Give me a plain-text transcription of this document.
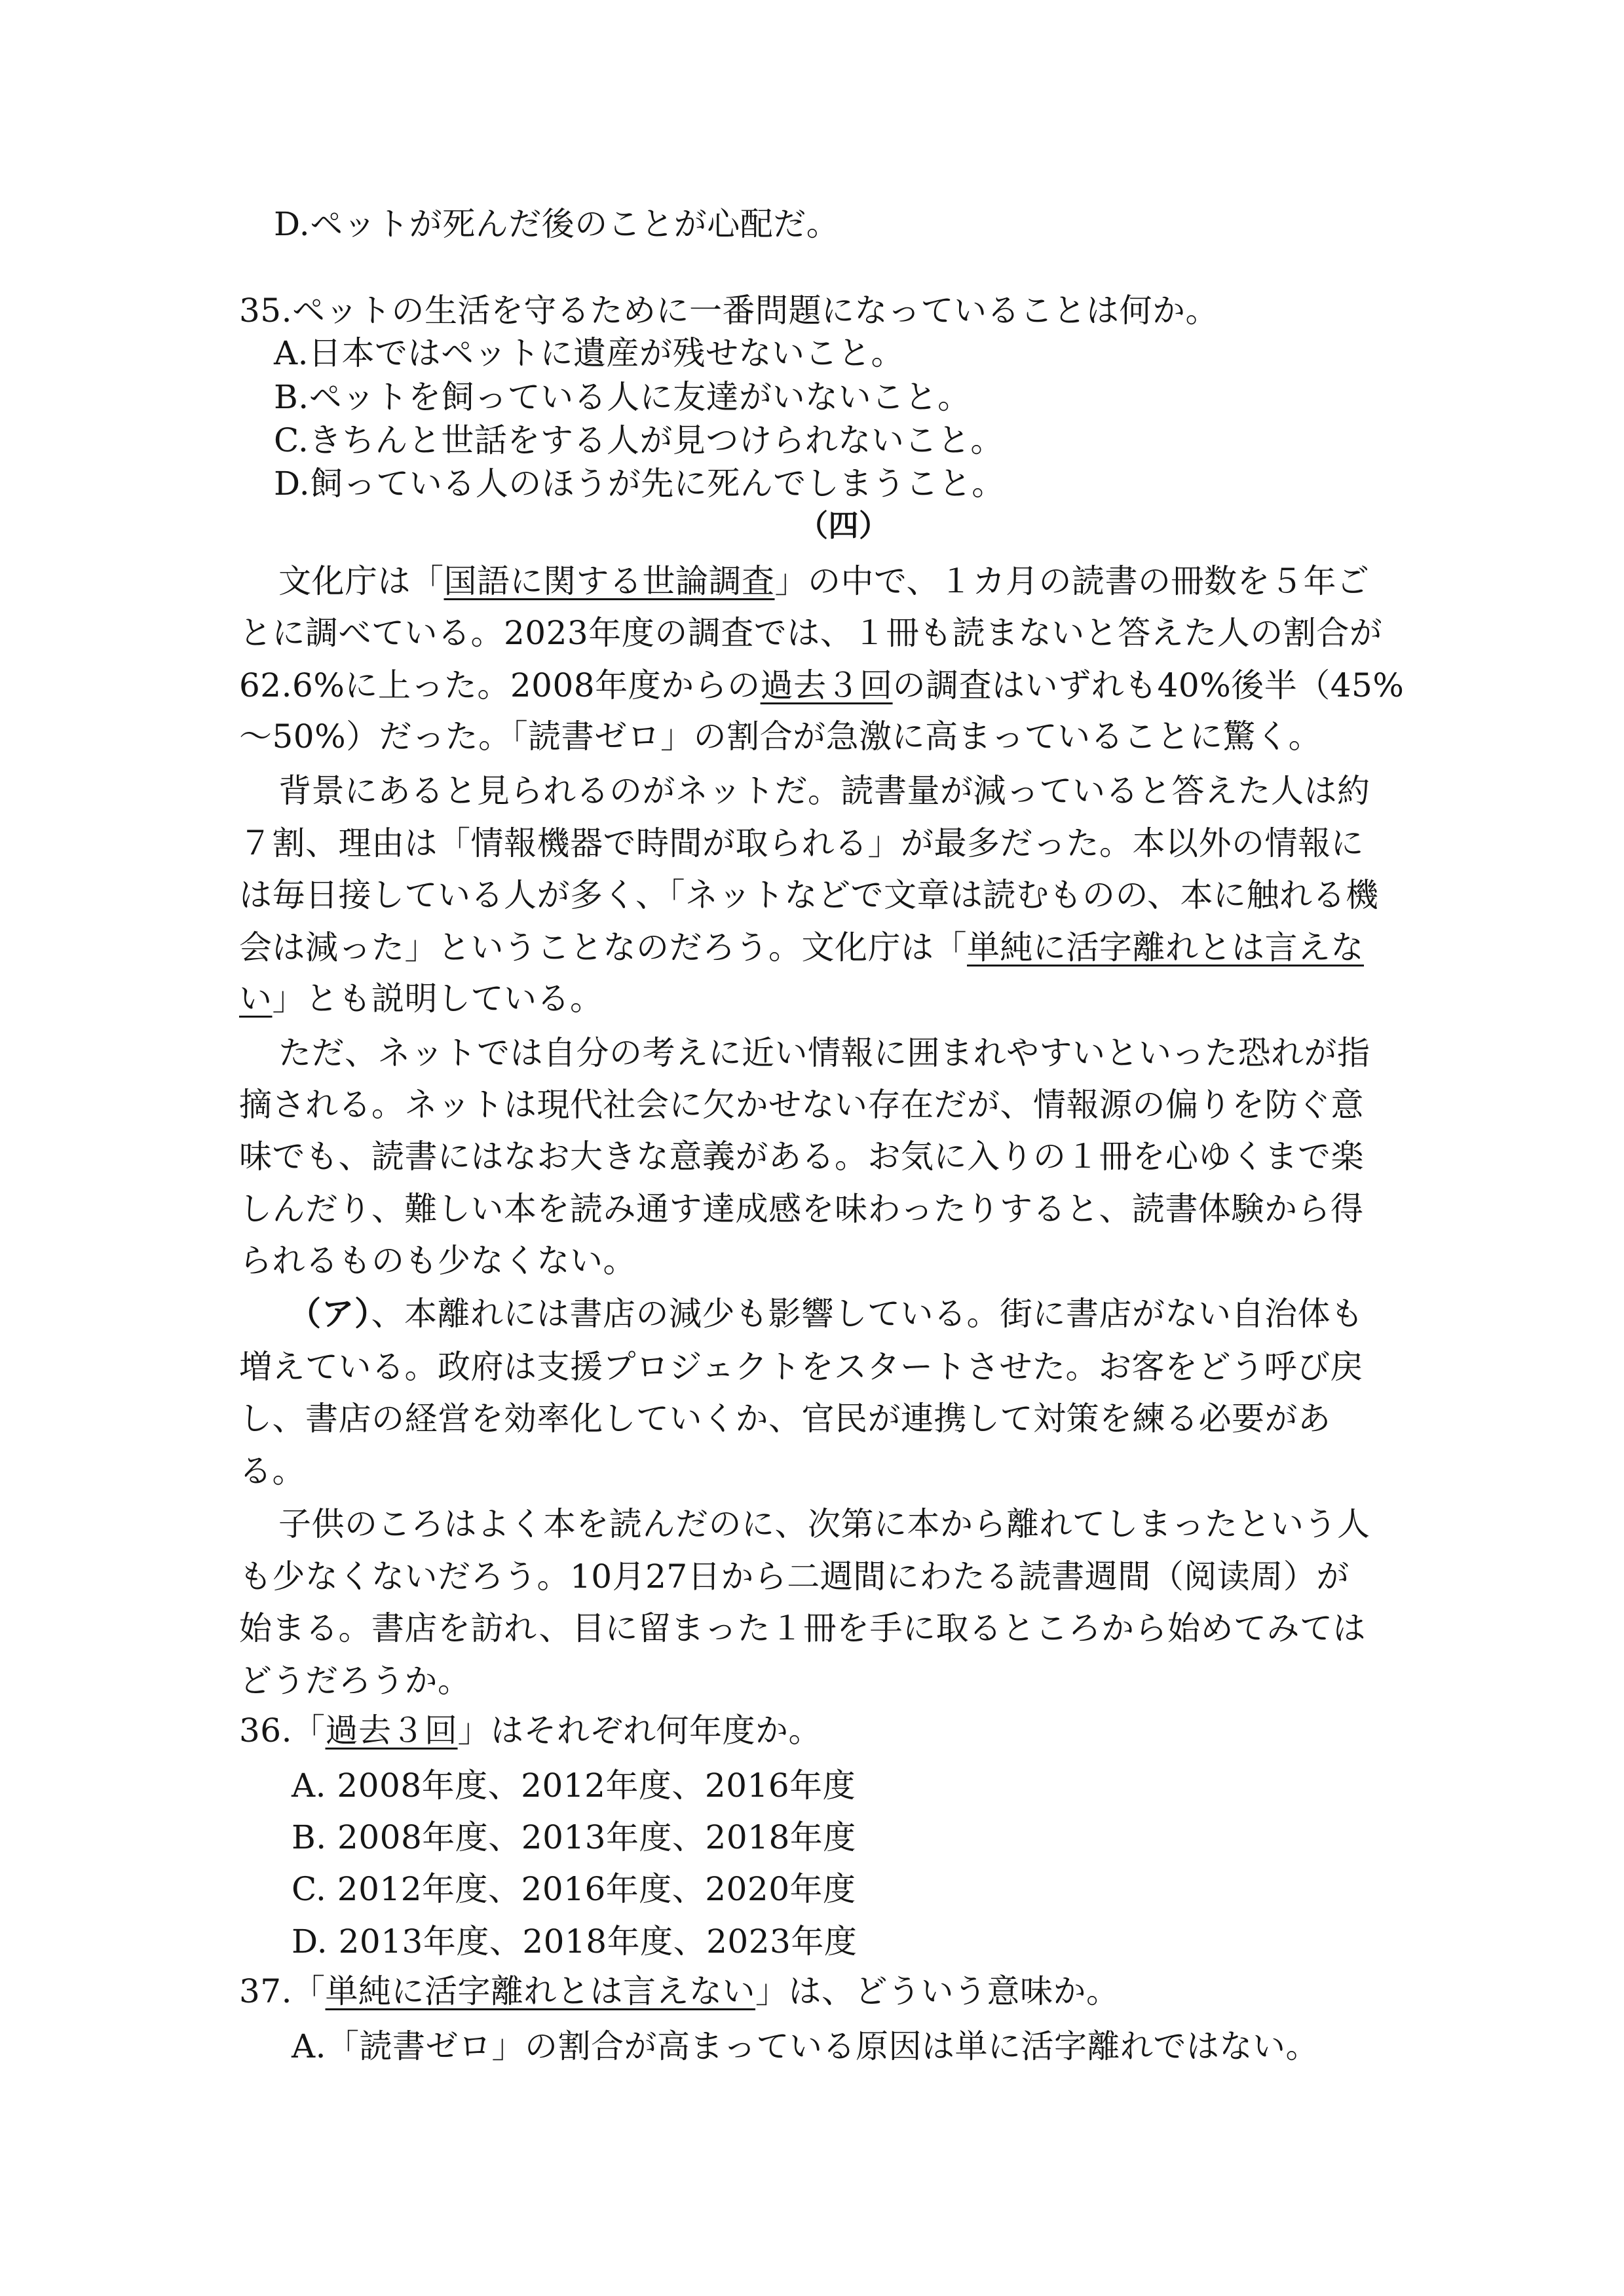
D.ペットが死んだ後のことが心配だ。
35.ペットの生活を守るために一番問題になっていることは何か。
A.日本ではペットに遺産が残せないこと。
B.ペットを飼っている人に友達がいないこと。
C.きちんと世話をする人が見つけられないこと。
D.飼っている人のほうが先に死んでしまうこと。
（四）
文化庁は「国語に関する世論調査」の中で、１カ月の読書の冊数を５年ご
とに調べている。2023年度の調査では、１冊も読まないと答えた人の割合が
62.6%に上った。2008年度からの過去３回の調査はいずれも40%後半（45%
～50%）だった。「読書ゼロ」の割合が急激に高まっていることに驚く。
背景にあると見られるのがネットだ。読書量が減っていると答えた人は約
７割、理由は「情報機器で時間が取られる」が最多だった。本以外の情報に
は毎日接している人が多く、「ネットなどで文章は読むものの、本に触れる機
会は減った」ということなのだろう。文化庁は「単純に活字離れとは言えな
い」とも説明している。
ただ、ネットでは自分の考えに近い情報に囲まれやすいといった恐れが指
摘される。ネットは現代社会に欠かせない存在だが、情報源の偏りを防ぐ意
味でも、読書にはなお大きな意義がある。お気に入りの１冊を心ゆくまで楽
しんだり、難しい本を読み通す達成感を味わったりすると、読書体験から得
られるものも少なくない。
（ア）、本離れには書店の減少も影響している。街に書店がない自治体も
増えている。政府は支援プロジェクトをスタートさせた。お客をどう呼び戻
し、書店の経営を効率化していくか、官民が連携して対策を練る必要があ
る。
子供のころはよく本を読んだのに、次第に本から離れてしまったという人
も少なくないだろう。10月27日から二週間にわたる読書週間（阅读周）が
始まる。書店を訪れ、目に留まった１冊を手に取るところから始めてみては
どうだろうか。
36.「過去３回」はそれぞれ何年度か。
A. 2008年度、2012年度、2016年度
B. 2008年度、2013年度、2018年度
C. 2012年度、2016年度、2020年度
D. 2013年度、2018年度、2023年度
37.「単純に活字離れとは言えない」は、どういう意味か。
A.「読書ゼロ」の割合が高まっている原因は単に活字離れではない。
